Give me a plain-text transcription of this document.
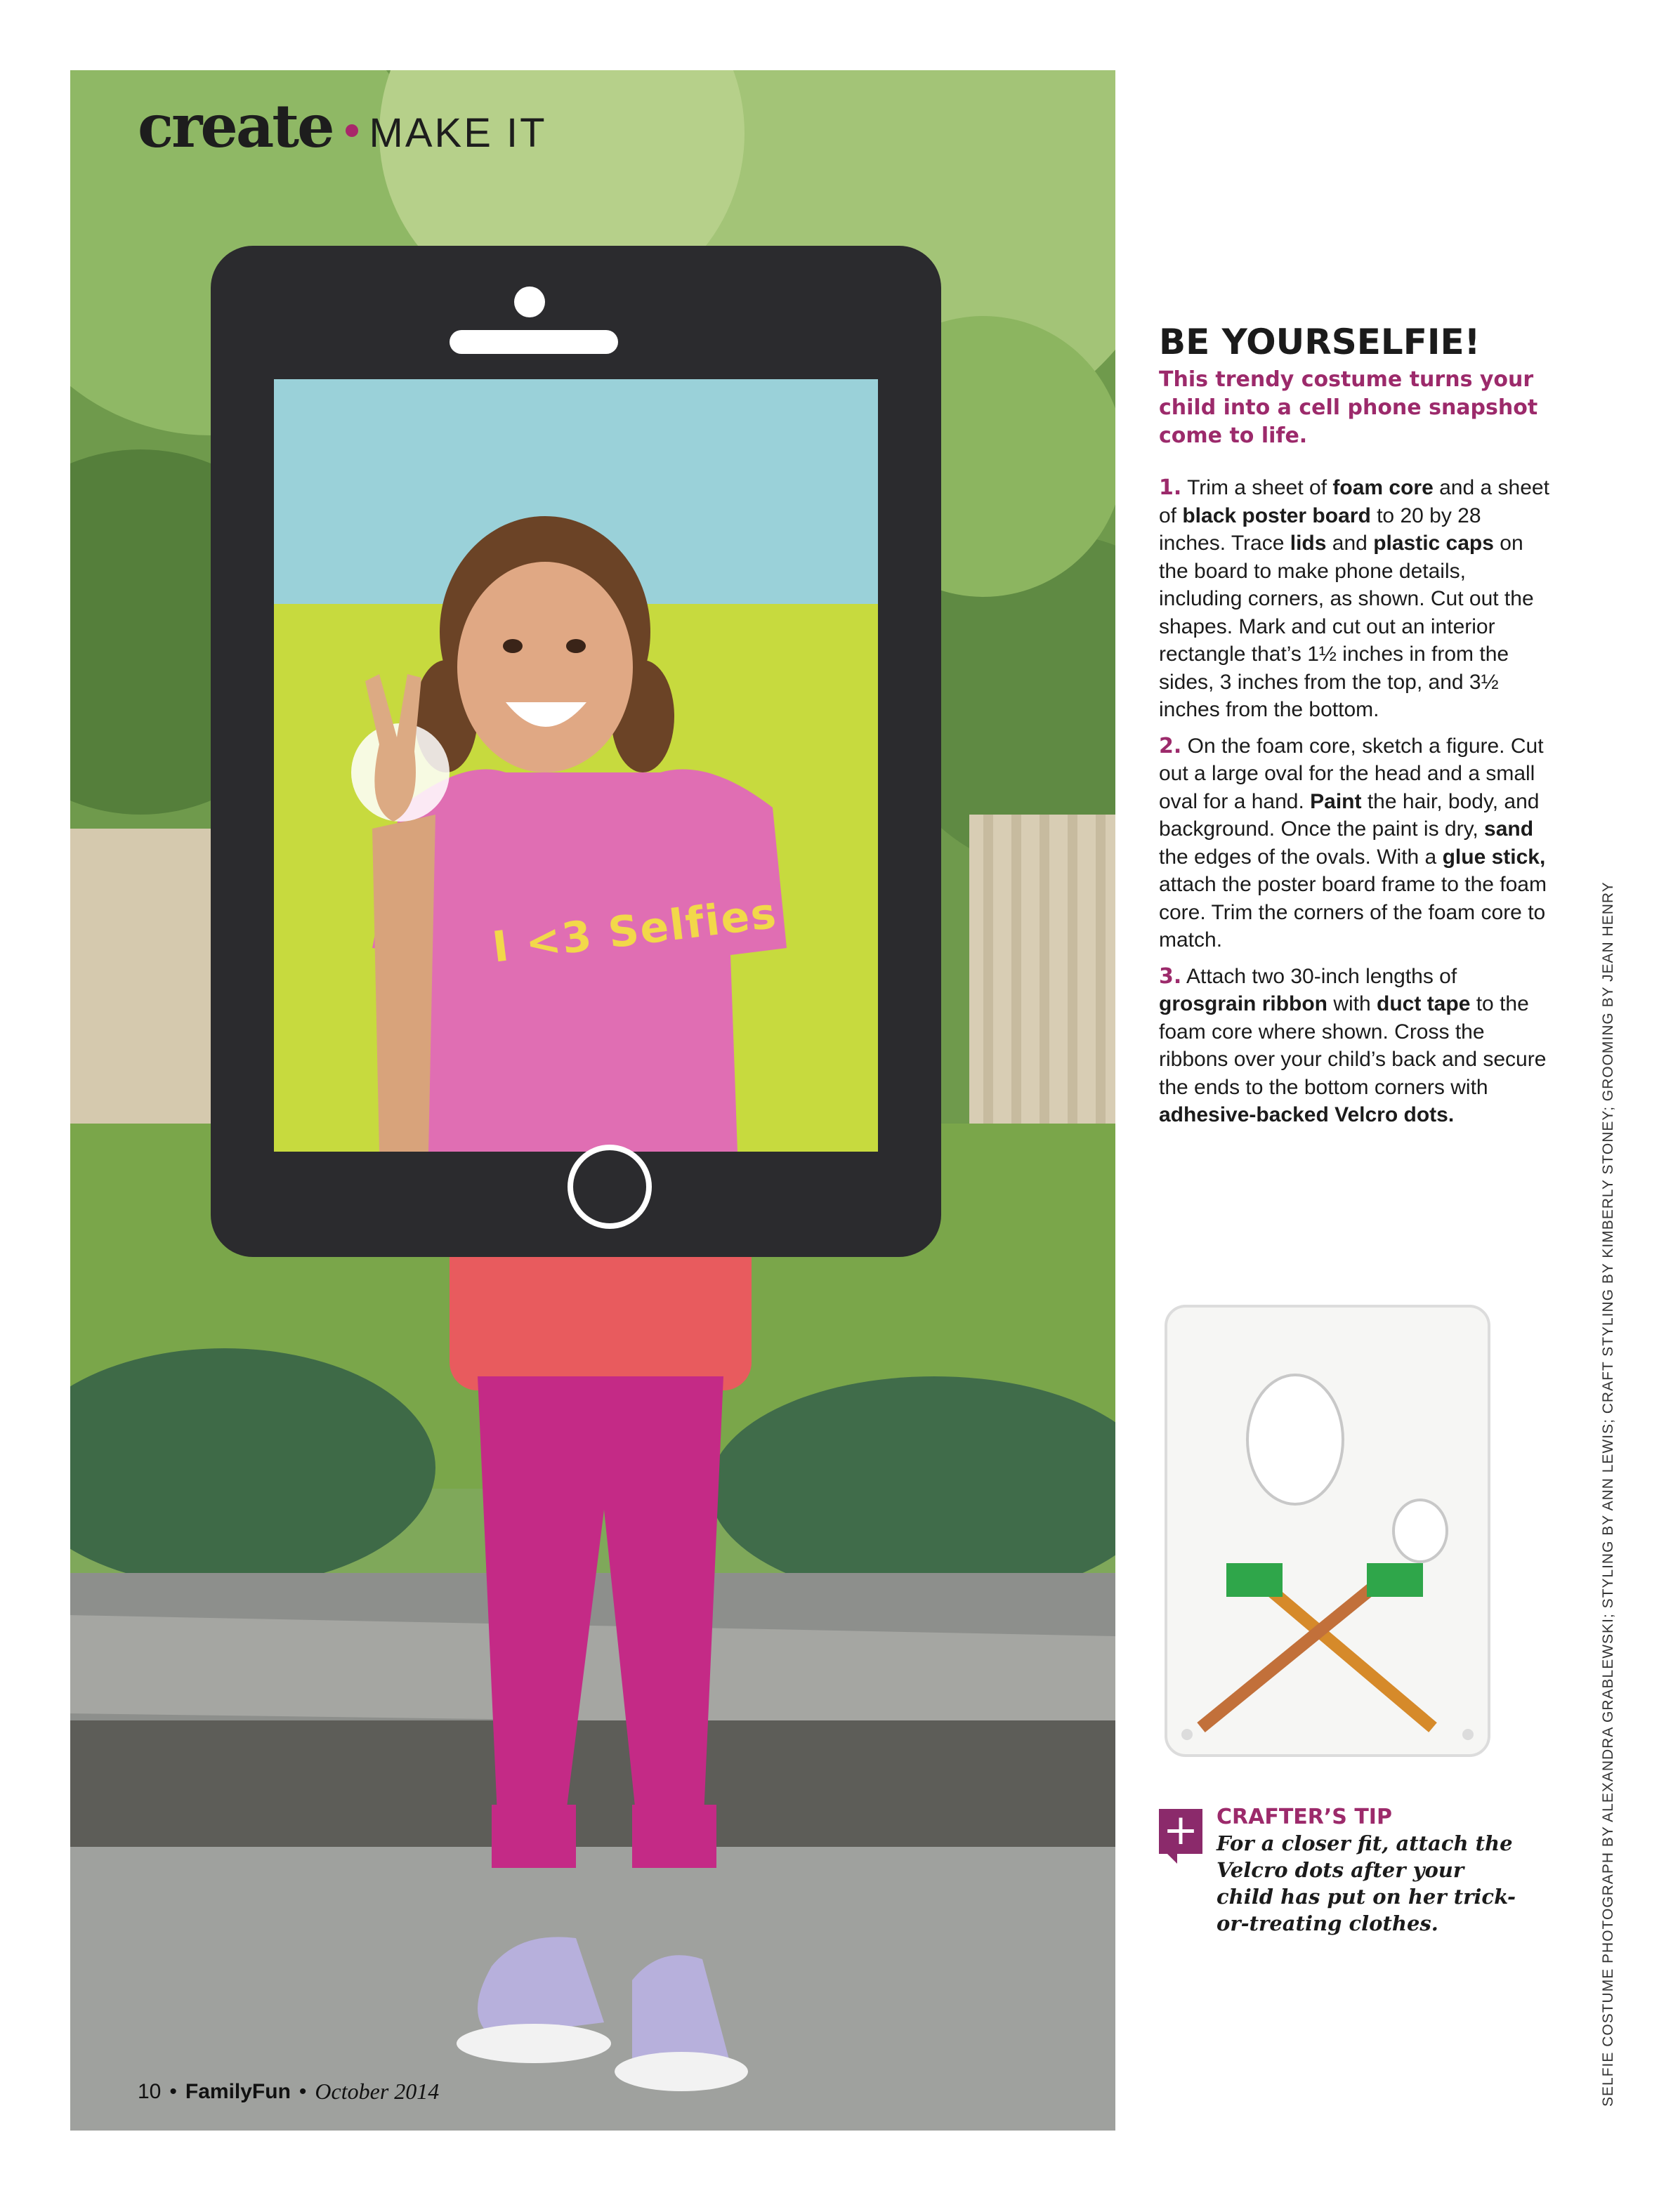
create MAKE IT
I <3 Selfies
10 • FamilyFun • October 2014
BE YOURSELFIE!

This trendy costume turns your child into a cell phone snapshot come to life.

1. Trim a sheet of foam core and a sheet of black poster board to 20 by 28 inches. Trace lids and plastic caps on the board to make phone details, including corners, as shown. Cut out the shapes. Mark and cut out an interior rectangle that’s 1½ inches in from the sides, 3 inches from the top, and 3½ inches from the bottom.

2. On the foam core, sketch a figure. Cut out a large oval for the head and a small oval for a hand. Paint the hair, body, and background. Once the paint is dry, sand the edges of the ovals. With a glue stick, attach the poster board frame to the foam core. Trim the corners of the foam core to match.

3. Attach two 30-inch lengths of grosgrain ribbon with duct tape to the foam core where shown. Cross the ribbons over your child’s back and secure the ends to the bottom corners with adhesive-backed Velcro dots.

+ CRAFTER’S TIP
For a closer fit, attach the Velcro dots after your child has put on her trick-or-treating clothes.	SELFIE COSTUME PHOTOGRAPH BY ALEXANDRA GRABLEWSKI; STYLING BY ANN LEWIS; CRAFT STYLING BY KIMBERLY STONEY; GROOMING BY JEAN HENRY
